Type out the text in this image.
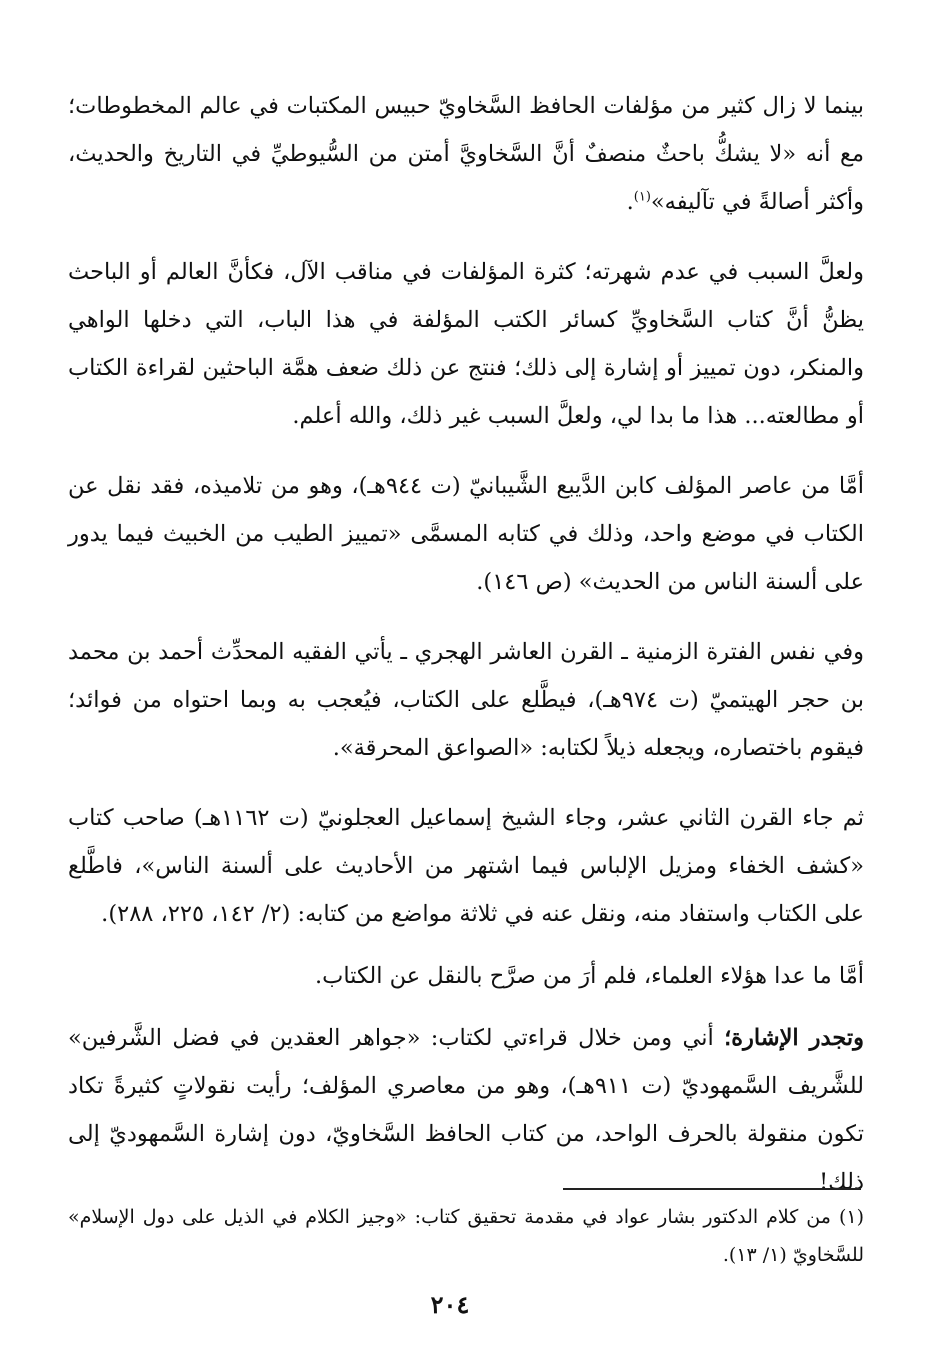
بينما لا زال كثير من مؤلفات الحافظ السَّخاويّ حبيس المكتبات في عالم المخطوطات؛ مع أنه «لا يشكُّ باحثٌ منصفٌ أنَّ السَّخاويَّ أمتن من السُّيوطيِّ في التاريخ والحديث، وأكثر أصالةً في تآليفه»$^{(١)}$.

ولعلَّ السبب في عدم شهرته؛ كثرة المؤلفات في مناقب الآل، فكأنَّ العالم أو الباحث يظنُّ أنَّ كتاب السَّخاويِّ كسائر الكتب المؤلفة في هذا الباب، التي دخلها الواهي والمنكر، دون تمييز أو إشارة إلى ذلك؛ فنتج عن ذلك ضعف همَّة الباحثين لقراءة الكتاب أو مطالعته... هذا ما بدا لي، ولعلَّ السبب غير ذلك، والله أعلم.

أمَّا من عاصر المؤلف كابن الدَّيبع الشَّيبانيّ (ت ٩٤٤هـ)، وهو من تلاميذه، فقد نقل عن الكتاب في موضع واحد، وذلك في كتابه المسمَّى «تمييز الطيب من الخبيث فيما يدور على ألسنة الناس من الحديث» (ص ١٤٦).

وفي نفس الفترة الزمنية ـ القرن العاشر الهجري ـ يأتي الفقيه المحدِّث أحمد بن محمد بن حجر الهيتميّ (ت ٩٧٤هـ)، فيطَّلع على الكتاب، فيُعجب به وبما احتواه من فوائد؛ فيقوم باختصاره، ويجعله ذيلاً لكتابه: «الصواعق المحرقة».

ثم جاء القرن الثاني عشر، وجاء الشيخ إسماعيل العجلونيّ (ت ١١٦٢هـ) صاحب كتاب «كشف الخفاء ومزيل الإلباس فيما اشتهر من الأحاديث على ألسنة الناس»، فاطَّلع على الكتاب واستفاد منه، ونقل عنه في ثلاثة مواضع من كتابه: (٢/ ١٤٢، ٢٢٥، ٢٨٨).

أمَّا ما عدا هؤلاء العلماء، فلم أرَ من صرَّح بالنقل عن الكتاب.

وتجدر الإشارة؛ أني ومن خلال قراءتي لكتاب: «جواهر العقدين في فضل الشَّرفين» للشَّريف السَّمهوديّ (ت ٩١١هـ)، وهو من معاصري المؤلف؛ رأيت نقولاتٍ كثيرةً تكاد تكون منقولة بالحرف الواحد، من كتاب الحافظ السَّخاويّ، دون إشارة السَّمهوديّ إلى ذلك!

(١) من كلام الدكتور بشار عواد في مقدمة تحقيق كتاب: «وجيز الكلام في الذيل على دول الإسلام» للسَّخاويّ (١/ ١٣).

٢٠٤
